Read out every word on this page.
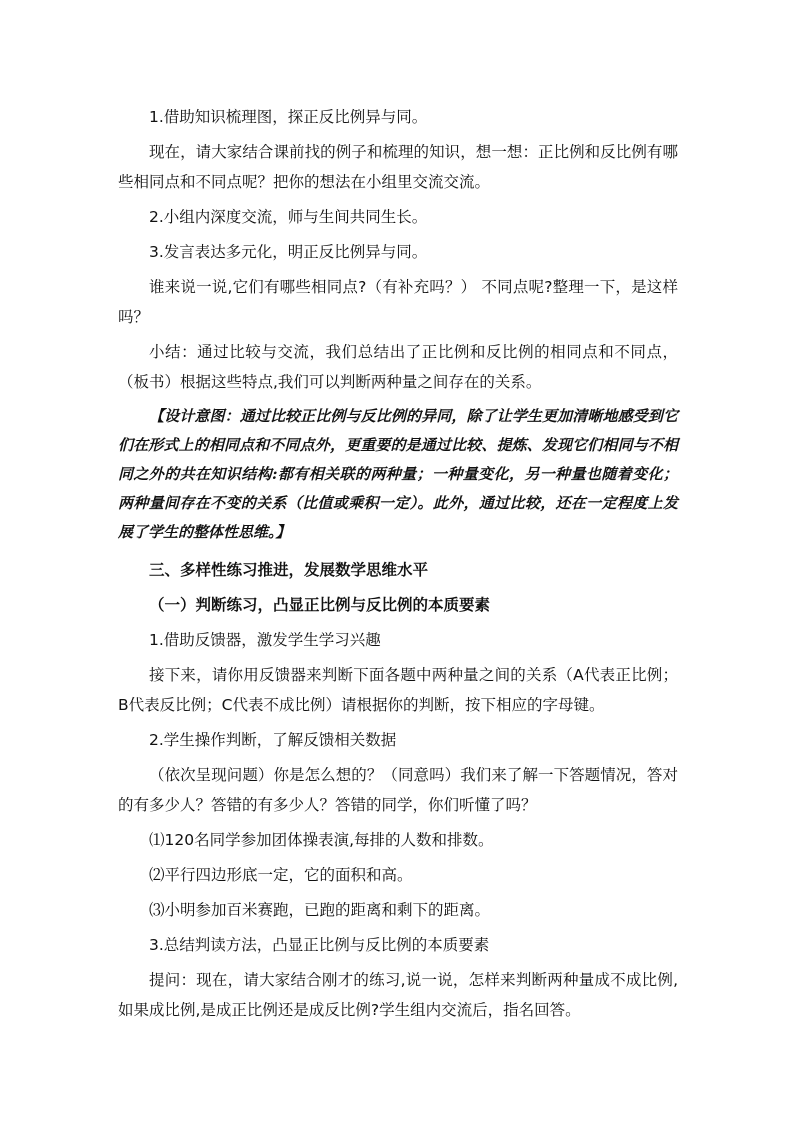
1.借助知识梳理图，探正反比例异与同。

现在，请大家结合课前找的例子和梳理的知识，想一想：正比例和反比例有哪些相同点和不同点呢？把你的想法在小组里交流交流。

2.小组内深度交流，师与生间共同生长。

3.发言表达多元化，明正反比例异与同。

谁来说一说,它们有哪些相同点?（有补充吗？） 不同点呢?整理一下，是这样吗？

小结：通过比较与交流，我们总结出了正比例和反比例的相同点和不同点，（板书）根据这些特点,我们可以判断两种量之间存在的关系。

【设计意图：通过比较正比例与反比例的异同，除了让学生更加清晰地感受到它们在形式上的相同点和不同点外，更重要的是通过比较、提炼、发现它们相同与不相同之外的共在知识结构:都有相关联的两种量；一种量变化，另一种量也随着变化；两种量间存在不变的关系（比值或乘积一定）。此外，通过比较，还在一定程度上发展了学生的整体性思维。】

三、多样性练习推进，发展数学思维水平

（一）判断练习，凸显正比例与反比例的本质要素

1.借助反馈器，激发学生学习兴趣

接下来，请你用反馈器来判断下面各题中两种量之间的关系（A代表正比例；B代表反比例；C代表不成比例）请根据你的判断，按下相应的字母键。

2.学生操作判断，了解反馈相关数据

（依次呈现问题）你是怎么想的？（同意吗）我们来了解一下答题情况，答对的有多少人？答错的有多少人？答错的同学，你们听懂了吗？

⑴120名同学参加团体操表演,每排的人数和排数。

⑵平行四边形底一定，它的面积和高。

⑶小明参加百米赛跑，已跑的距离和剩下的距离。

3.总结判读方法，凸显正比例与反比例的本质要素

提问：现在，请大家结合刚才的练习,说一说，怎样来判断两种量成不成比例,如果成比例,是成正比例还是成反比例?学生组内交流后，指名回答。
